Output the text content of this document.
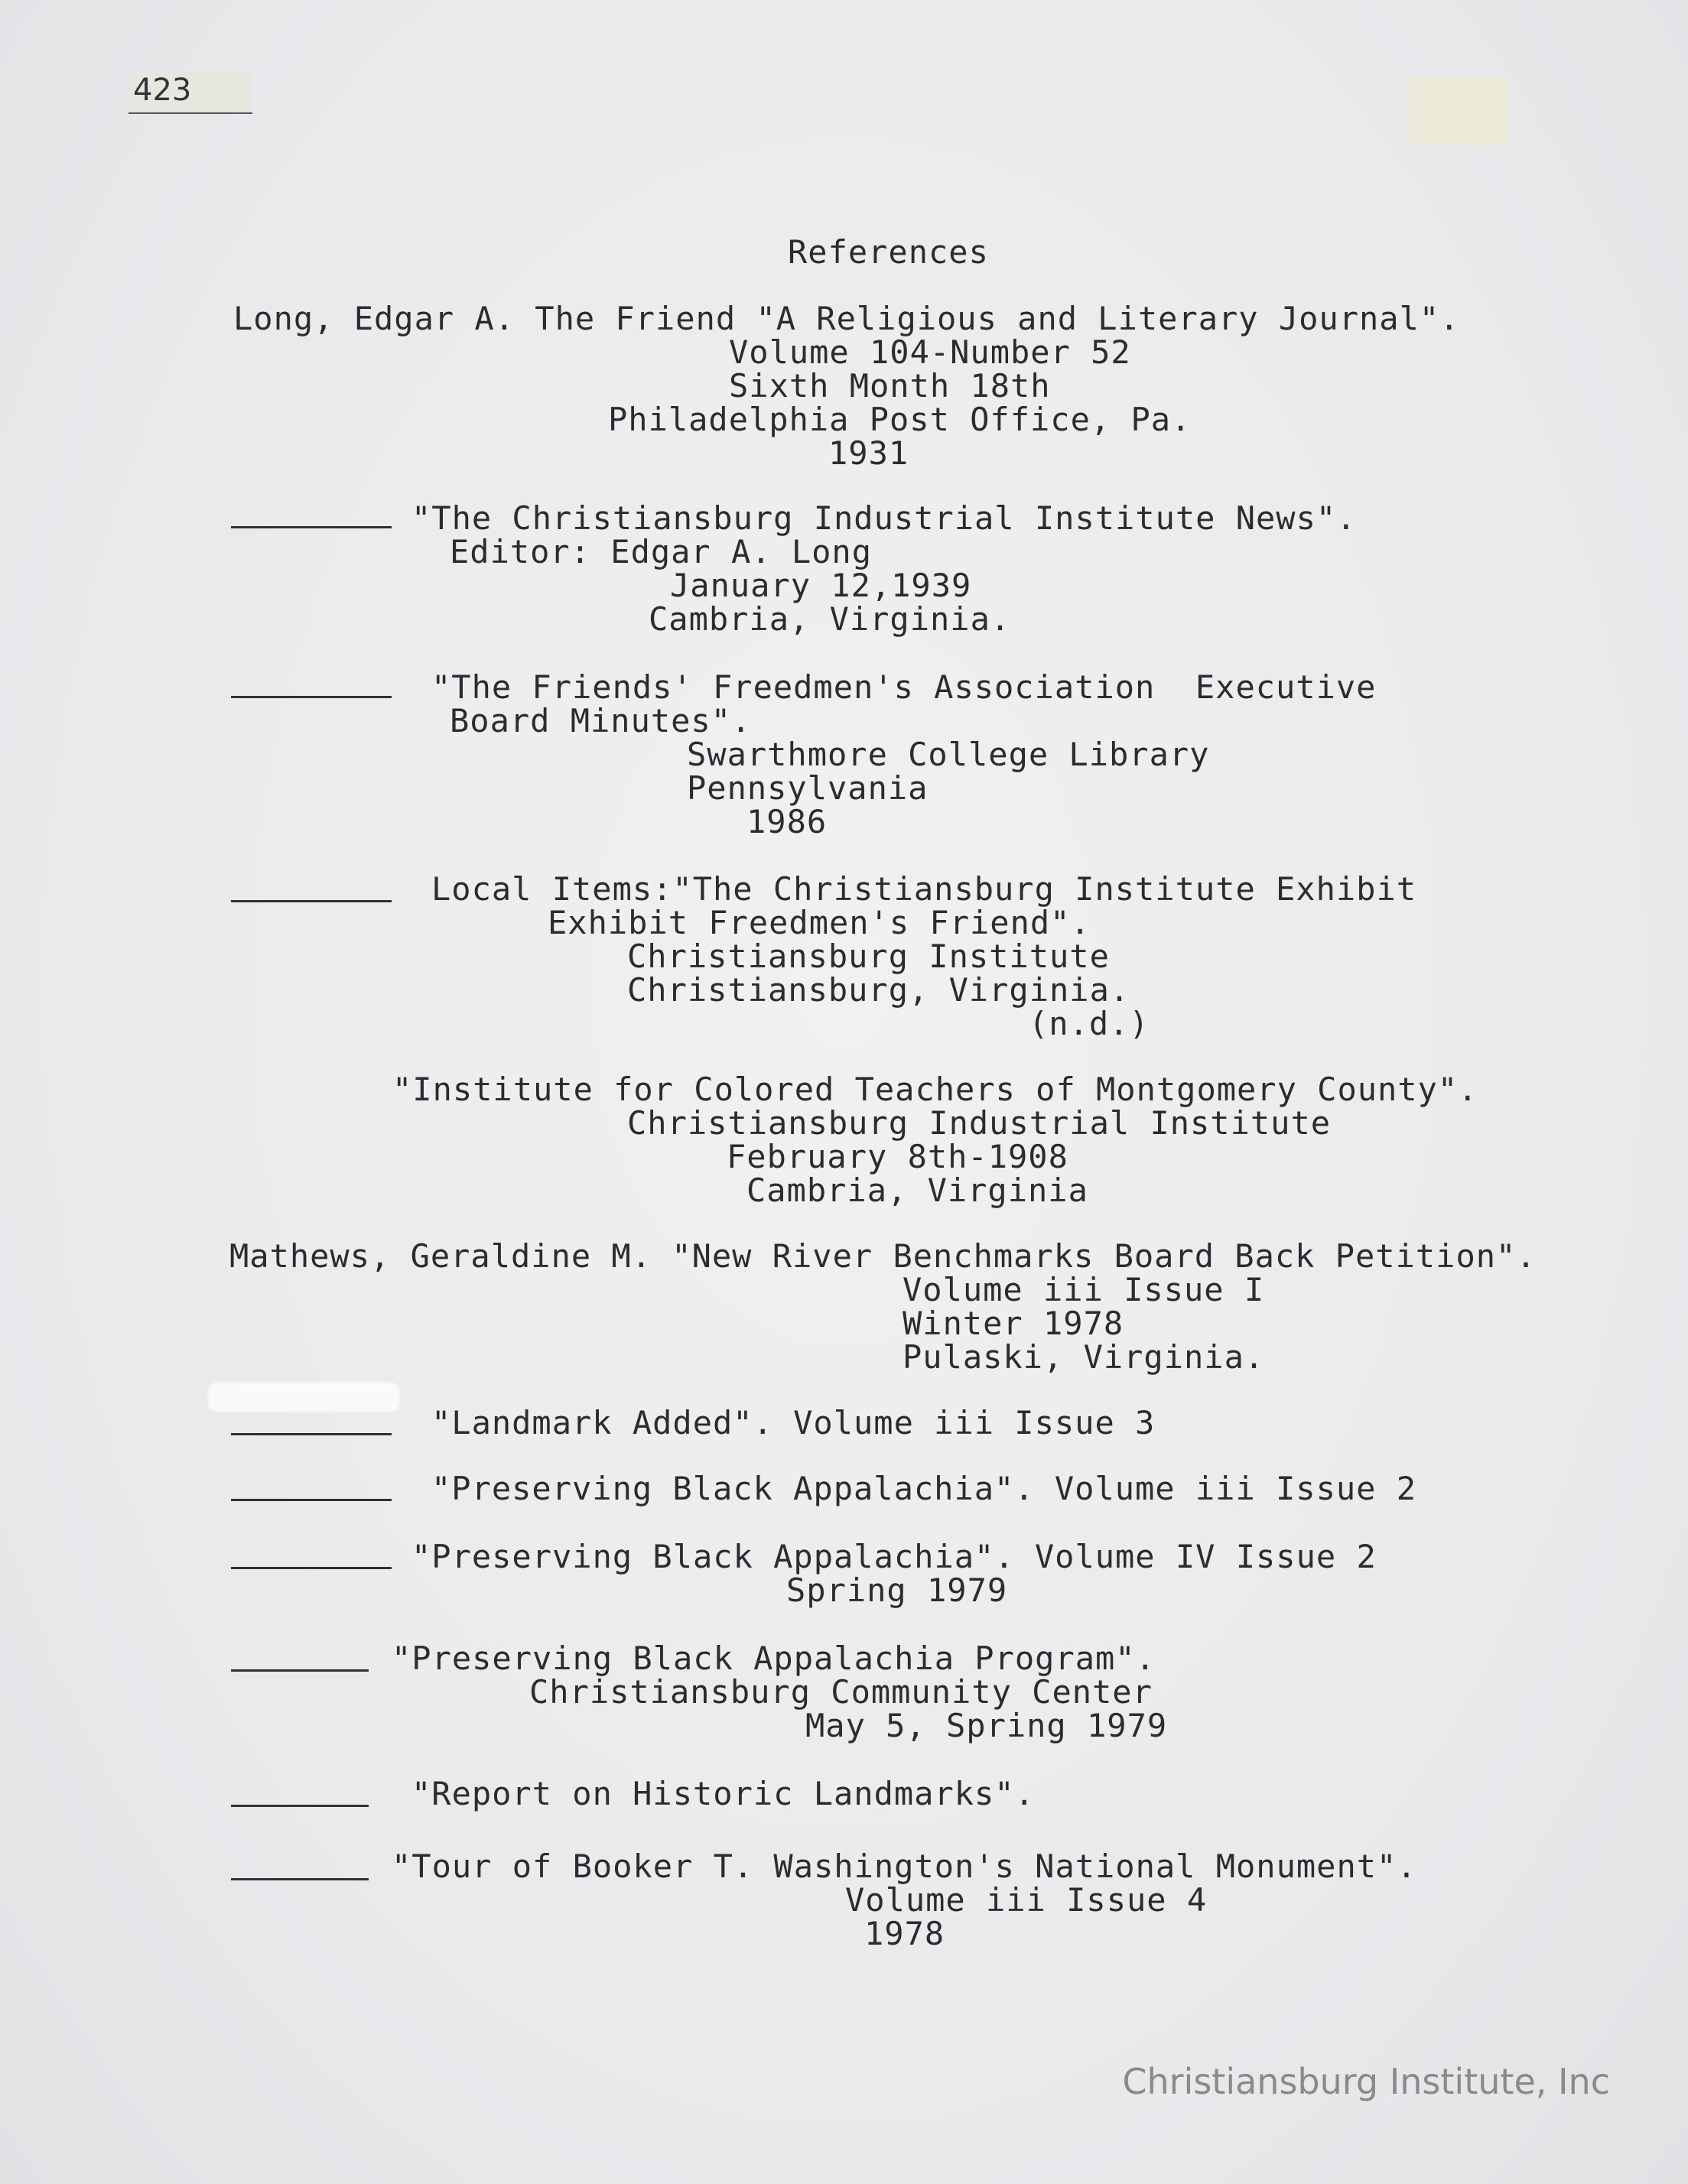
423
References
Long, Edgar A. The Friend "A Religious and Literary Journal".
Volume 104-Number 52
Sixth Month 18th
Philadelphia Post Office, Pa.
1931
"The Christiansburg Industrial Institute News".
Editor: Edgar A. Long
January 12,1939
Cambria, Virginia.
"The Friends' Freedmen's Association  Executive
Board Minutes".
Swarthmore College Library
Pennsylvania
1986
Local Items:"The Christiansburg Institute Exhibit
Exhibit Freedmen's Friend".
Christiansburg Institute
Christiansburg, Virginia.
(n.d.)
"Institute for Colored Teachers of Montgomery County".
Christiansburg Industrial Institute
February 8th-1908
Cambria, Virginia
Mathews, Geraldine M. "New River Benchmarks Board Back Petition".
Volume iii Issue I
Winter 1978
Pulaski, Virginia.
"Landmark Added". Volume iii Issue 3
"Preserving Black Appalachia". Volume iii Issue 2
"Preserving Black Appalachia". Volume IV Issue 2
Spring 1979
"Preserving Black Appalachia Program".
Christiansburg Community Center
May 5, Spring 1979
"Report on Historic Landmarks".
"Tour of Booker T. Washington's National Monument".
Volume iii Issue 4
1978
Christiansburg Institute, Inc
